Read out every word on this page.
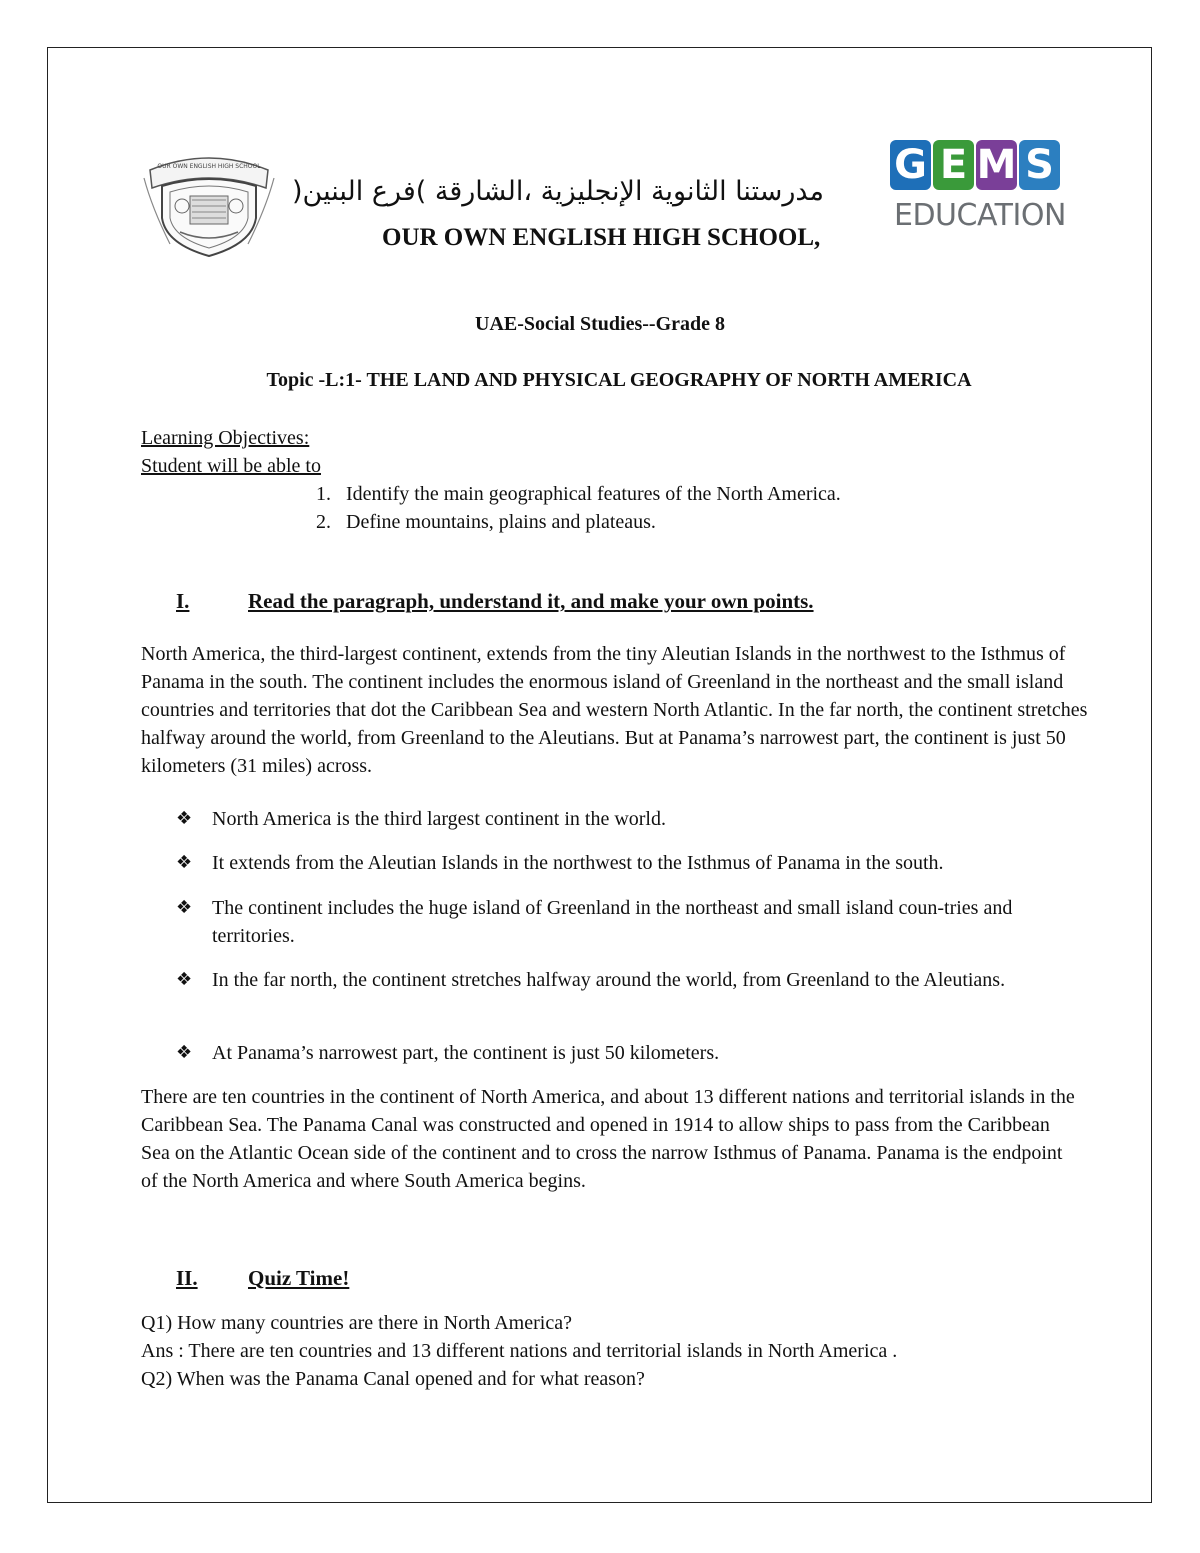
OUR OWN ENGLISH HIGH SCHOOL
مدرستنا الثانوية الإنجليزية ،الشارقة )فرع البنين(
OUR OWN ENGLISH HIGH SCHOOL,
G E M S
EDUCATION
UAE-Social Studies--Grade 8
Topic -L:1- THE LAND AND PHYSICAL GEOGRAPHY OF NORTH AMERICA
Learning Objectives:
Student will be able to
1. Identify the main geographical features of the North America.
2. Define mountains, plains and plateaus.
I.	Read the paragraph, understand it, and make your own points.
North America, the third-largest continent, extends from the tiny Aleutian Islands in the northwest to the Isthmus of Panama in the south. The continent includes the enormous island of Greenland in the northeast and the small island countries and territories that dot the Caribbean Sea and western North Atlantic. In the far north, the continent stretches halfway around the world, from Greenland to the Aleutians. But at Panama’s narrowest part, the continent is just 50 kilometers (31 miles) across.
❖ North America is the third largest continent in the world.
❖ It extends from the Aleutian Islands in the northwest to the Isthmus of Panama in the south.
❖ The continent includes the huge island of Greenland in the northeast and small island coun-tries and territories.
❖ In the far north, the continent stretches halfway around the world, from Greenland to the Aleutians.
❖ At Panama’s narrowest part, the continent is just 50 kilometers.
There are ten countries in the continent of North America, and about 13 different nations and territorial islands in the Caribbean Sea. The Panama Canal was constructed and opened in 1914 to allow ships to pass from the Caribbean Sea on the Atlantic Ocean side of the continent and to cross the narrow Isthmus of Panama. Panama is the endpoint of the North America and where South America begins.
II. Quiz Time!
Q1) How many countries are there in North America?
Ans : There are ten countries and 13 different nations and territorial islands in North America .
Q2) When was the Panama Canal opened and for what reason?
